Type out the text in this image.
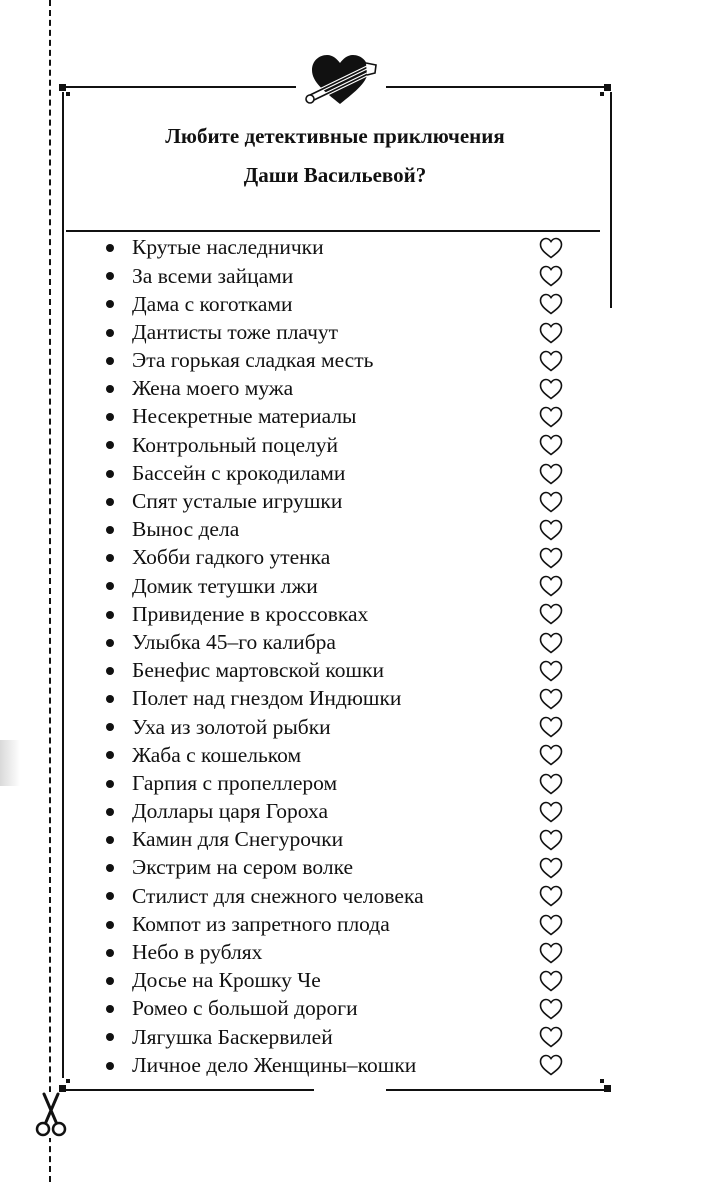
Любите детективные приключения
Даши Васильевой?
Крутые наследнички
За всеми зайцами
Дама с коготками
Дантисты тоже плачут
Эта горькая сладкая месть
Жена моего мужа
Несекретные материалы
Контрольный поцелуй
Бассейн с крокодилами
Спят усталые игрушки
Вынос дела
Хобби гадкого утенка
Домик тетушки лжи
Привидение в кроссовках
Улыбка 45–го калибра
Бенефис мартовской кошки
Полет над гнездом Индюшки
Уха из золотой рыбки
Жаба с кошельком
Гарпия с пропеллером
Доллары царя Гороха
Камин для Снегурочки
Экстрим на сером волке
Стилист для снежного человека
Компот из запретного плода
Небо в рублях
Досье на Крошку Че
Ромео с большой дороги
Лягушка Баскервилей
Личное дело Женщины–кошки
